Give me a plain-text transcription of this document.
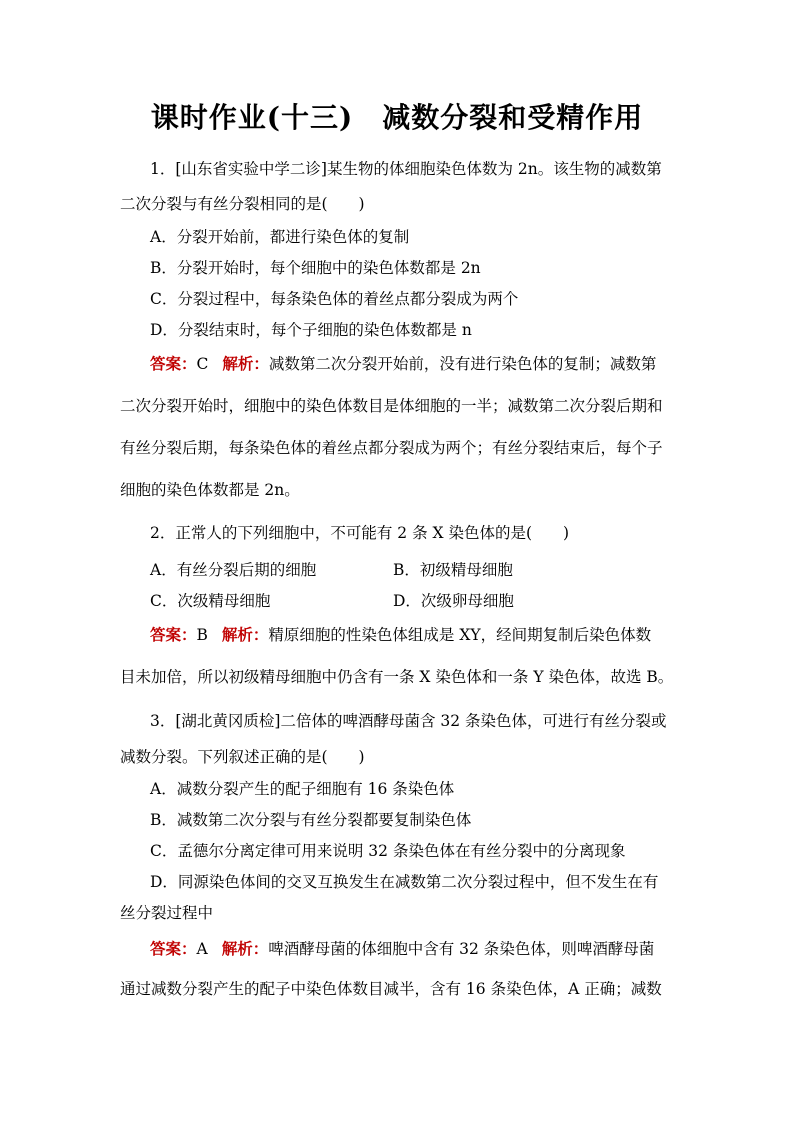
课时作业(十三)　减数分裂和受精作用
1．[山东省实验中学二诊]某生物的体细胞染色体数为 2n。该生物的减数第
二次分裂与有丝分裂相同的是(　　)
A．分裂开始前，都进行染色体的复制
B．分裂开始时，每个细胞中的染色体数都是 2n
C．分裂过程中，每条染色体的着丝点都分裂成为两个
D．分裂结束时，每个子细胞的染色体数都是 n
答案：C 解析：减数第二次分裂开始前，没有进行染色体的复制；减数第
二次分裂开始时，细胞中的染色体数目是体细胞的一半；减数第二次分裂后期和
有丝分裂后期，每条染色体的着丝点都分裂成为两个；有丝分裂结束后，每个子
细胞的染色体数都是 2n。
2．正常人的下列细胞中，不可能有 2 条 X 染色体的是(　　)
A．有丝分裂后期的细胞	B．初级精母细胞
C．次级精母细胞	D．次级卵母细胞
答案：B 解析：精原细胞的性染色体组成是 XY，经间期复制后染色体数
目未加倍，所以初级精母细胞中仍含有一条 X 染色体和一条 Y 染色体，故选 B。
3．[湖北黄冈质检]二倍体的啤酒酵母菌含 32 条染色体，可进行有丝分裂或
减数分裂。下列叙述正确的是(　　)
A．减数分裂产生的配子细胞有 16 条染色体
B．减数第二次分裂与有丝分裂都要复制染色体
C．孟德尔分离定律可用来说明 32 条染色体在有丝分裂中的分离现象
D．同源染色体间的交叉互换发生在减数第二次分裂过程中，但不发生在有
丝分裂过程中
答案：A 解析：啤酒酵母菌的体细胞中含有 32 条染色体，则啤酒酵母菌
通过减数分裂产生的配子中染色体数目减半，含有 16 条染色体，A 正确；减数
